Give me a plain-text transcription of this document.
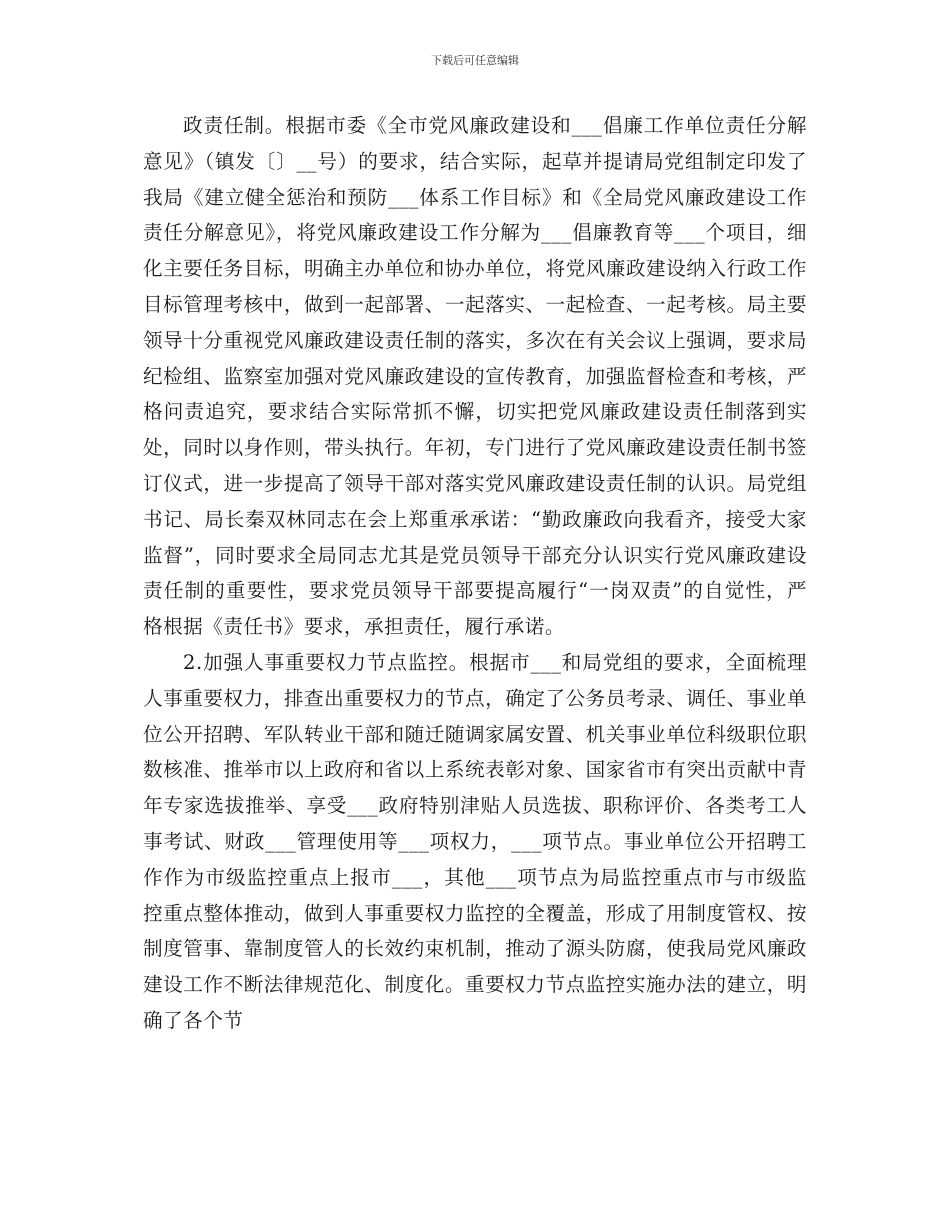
下载后可任意编辑

政责任制。根据市委《全市党风廉政建设和___倡廉工作单位责任分解意见》（镇发〔〕__号）的要求，结合实际，起草并提请局党组制定印发了我局《建立健全惩治和预防___体系工作目标》和《全局党风廉政建设工作责任分解意见》，将党风廉政建设工作分解为___倡廉教育等___个项目，细化主要任务目标，明确主办单位和协办单位，将党风廉政建设纳入行政工作目标管理考核中，做到一起部署、一起落实、一起检查、一起考核。局主要领导十分重视党风廉政建设责任制的落实，多次在有关会议上强调，要求局纪检组、监察室加强对党风廉政建设的宣传教育，加强监督检查和考核，严格问责追究，要求结合实际常抓不懈，切实把党风廉政建设责任制落到实处，同时以身作则，带头执行。年初，专门进行了党风廉政建设责任制书签订仪式，进一步提高了领导干部对落实党风廉政建设责任制的认识。局党组书记、局长秦双林同志在会上郑重承承诺：“勤政廉政向我看齐，接受大家监督”，同时要求全局同志尤其是党员领导干部充分认识实行党风廉政建设责任制的重要性，要求党员领导干部要提高履行“一岗双责”的自觉性，严格根据《责任书》要求，承担责任，履行承诺。

2.加强人事重要权力节点监控。根据市___和局党组的要求，全面梳理人事重要权力，排查出重要权力的节点，确定了公务员考录、调任、事业单位公开招聘、军队转业干部和随迁随调家属安置、机关事业单位科级职位职数核准、推举市以上政府和省以上系统表彰对象、国家省市有突出贡献中青年专家选拔推举、享受___政府特别津贴人员选拔、职称评价、各类考工人事考试、财政___管理使用等___项权力，___项节点。事业单位公开招聘工作作为市级监控重点上报市___，其他___项节点为局监控重点市与市级监控重点整体推动，做到人事重要权力监控的全覆盖，形成了用制度管权、按制度管事、靠制度管人的长效约束机制，推动了源头防腐，使我局党风廉政建设工作不断法律规范化、制度化。重要权力节点监控实施办法的建立，明确了各个节
